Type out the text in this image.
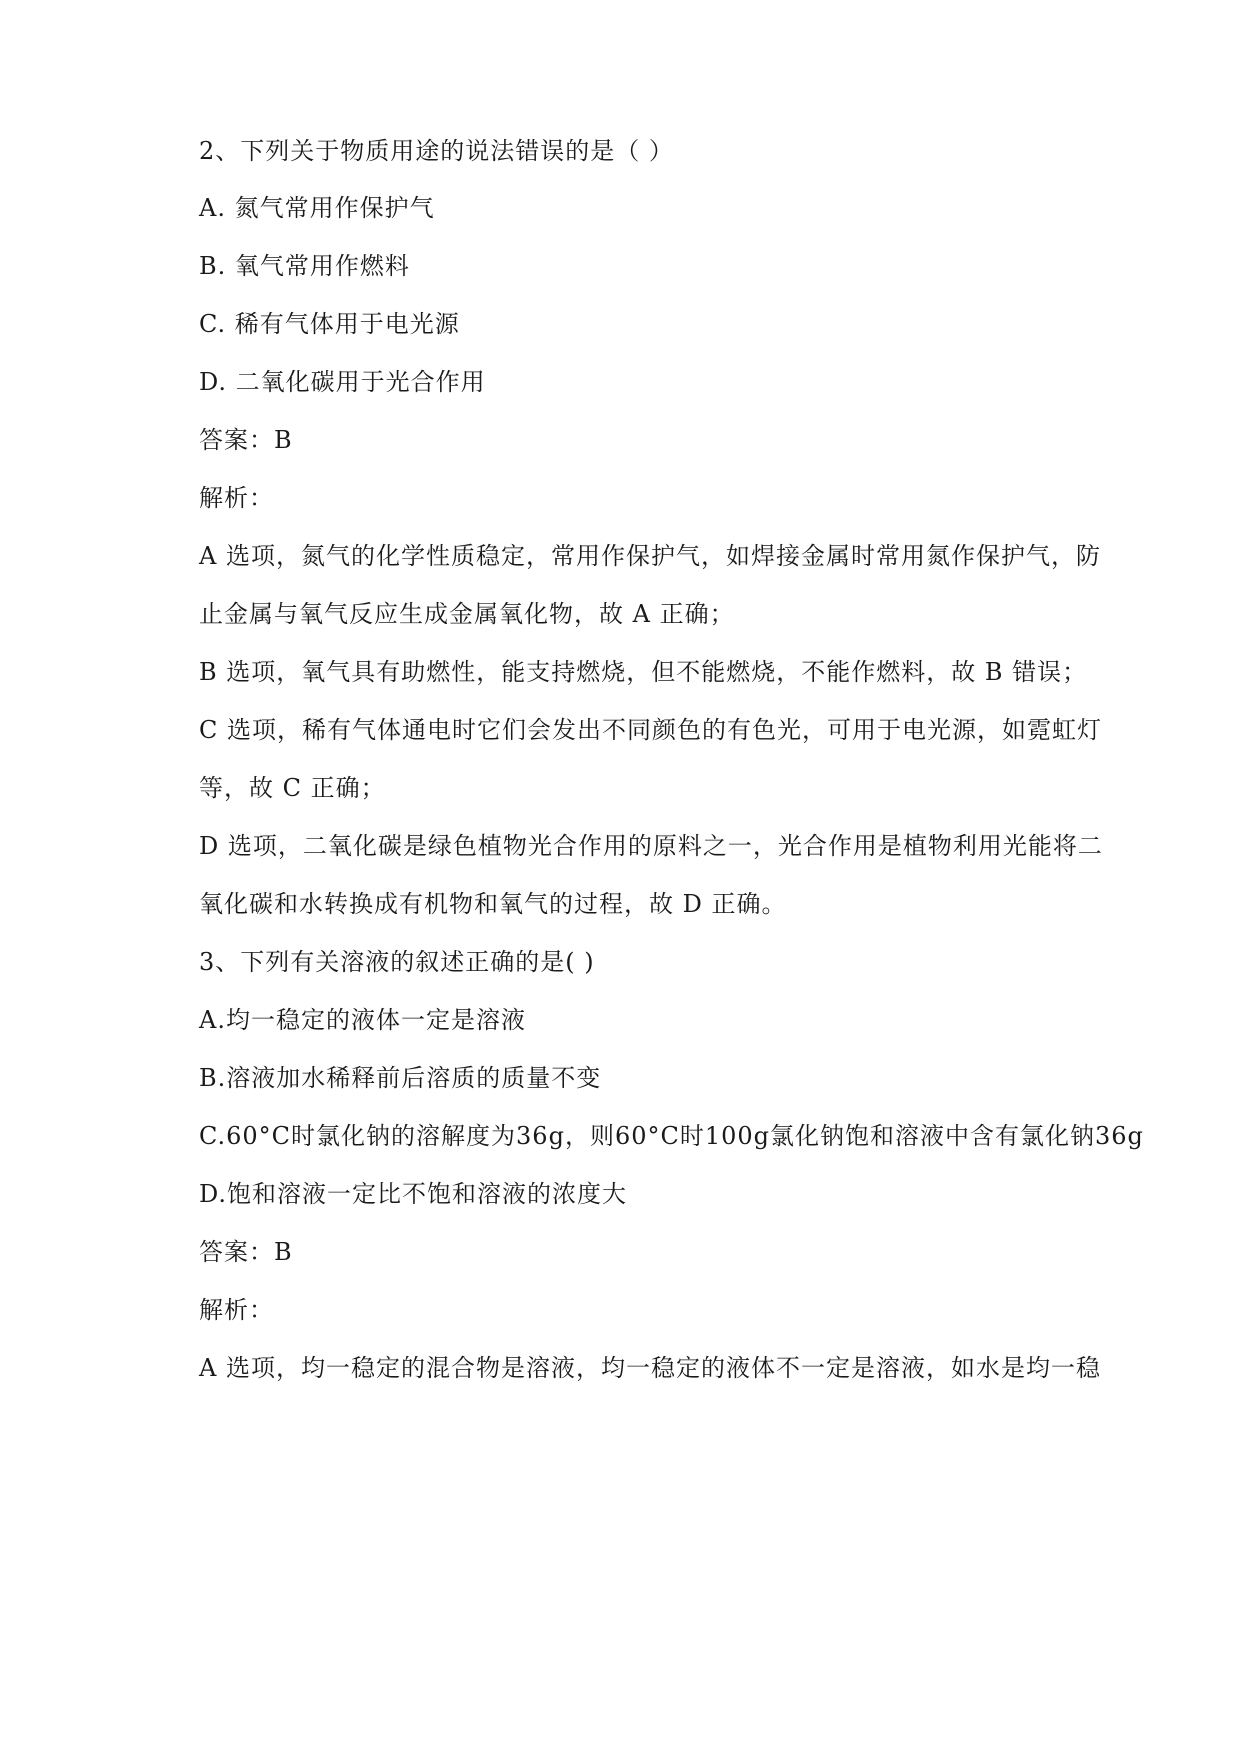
2、下列关于物质用途的说法错误的是（ ）
A. 氮气常用作保护气
B. 氧气常用作燃料
C. 稀有气体用于电光源
D. 二氧化碳用于光合作用
答案：B
解析：
A 选项，氮气的化学性质稳定，常用作保护气，如焊接金属时常用氮作保护气，防
止金属与氧气反应生成金属氧化物，故 A 正确；
B 选项，氧气具有助燃性，能支持燃烧，但不能燃烧，不能作燃料，故 B 错误；
C 选项，稀有气体通电时它们会发出不同颜色的有色光，可用于电光源，如霓虹灯
等，故 C 正确；
D 选项，二氧化碳是绿色植物光合作用的原料之一，光合作用是植物利用光能将二
氧化碳和水转换成有机物和氧气的过程，故 D 正确。
3、下列有关溶液的叙述正确的是( )
A.均一稳定的液体一定是溶液
B.溶液加水稀释前后溶质的质量不变
C.60°C时氯化钠的溶解度为36g，则60°C时100g氯化钠饱和溶液中含有氯化钠36g
D.饱和溶液一定比不饱和溶液的浓度大
答案：B
解析：
A 选项，均一稳定的混合物是溶液，均一稳定的液体不一定是溶液，如水是均一稳
